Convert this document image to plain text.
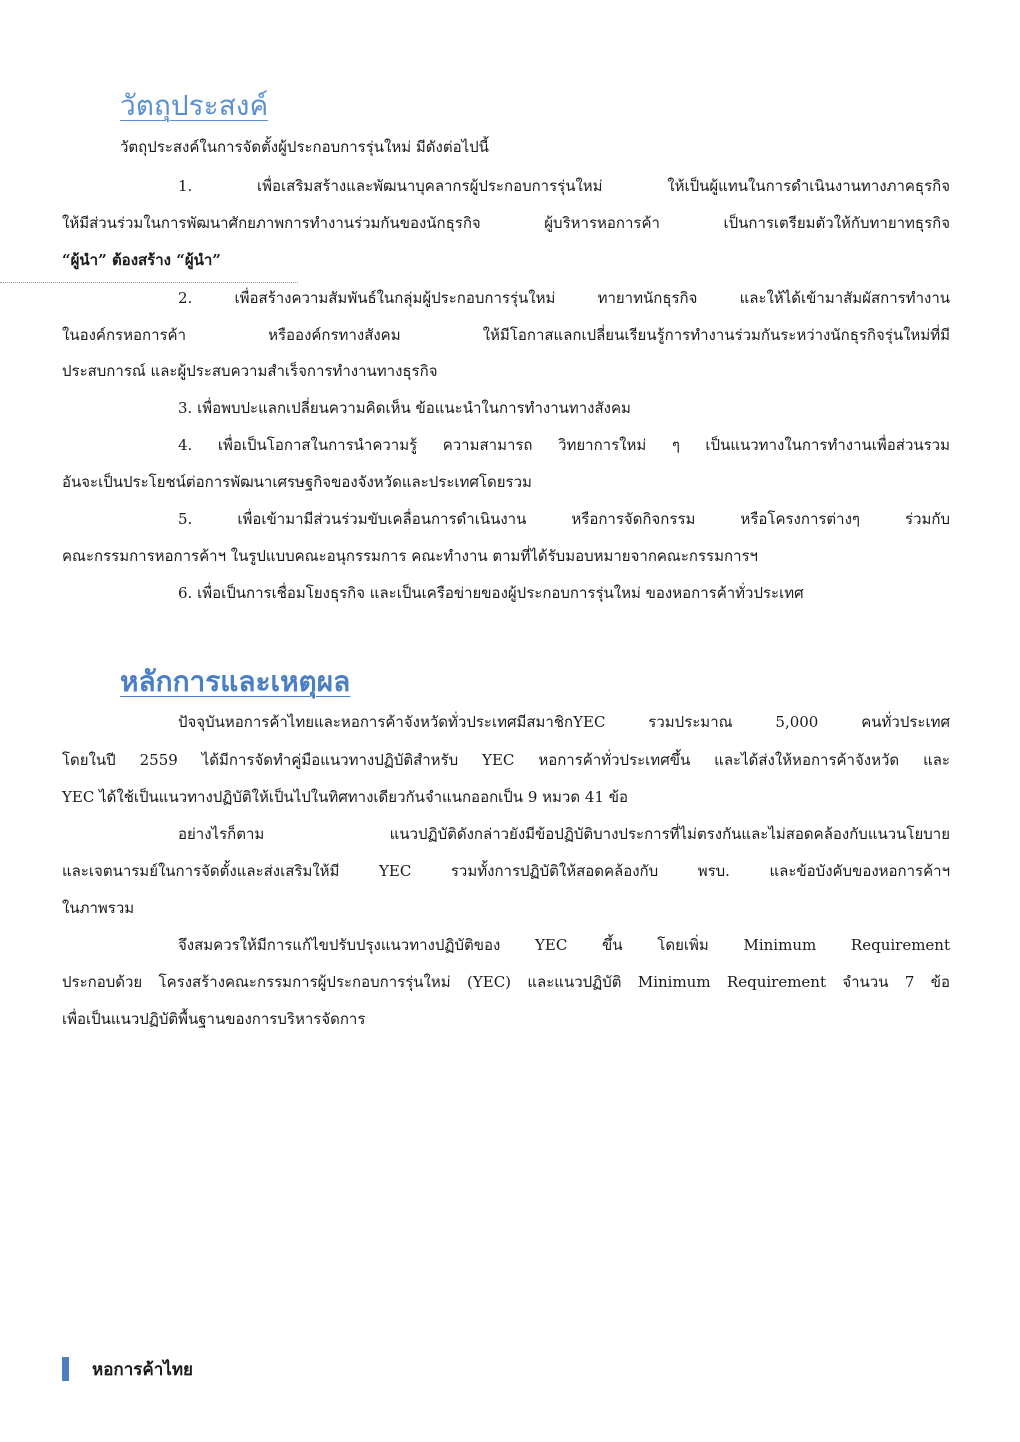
วัตถุประสงค์
วัตถุประสงค์ในการจัดตั้งผู้ประกอบการรุ่นใหม่ มีดังต่อไปนี้
1. เพื่อเสริมสร้างและพัฒนาบุคลากรผู้ประกอบการรุ่นใหม่ ให้เป็นผู้แทนในการดำเนินงานทางภาคธุรกิจ
ให้มีส่วนร่วมในการพัฒนาศักยภาพการทำงานร่วมกันของนักธุรกิจ ผู้บริหารหอการค้า เป็นการเตรียมตัวให้กับทายาทธุรกิจ
“ผู้นำ” ต้องสร้าง “ผู้นำ”
2. เพื่อสร้างความสัมพันธ์ในกลุ่มผู้ประกอบการรุ่นใหม่ ทายาทนักธุรกิจ และให้ได้เข้ามาสัมผัสการทำงาน
ในองค์กรหอการค้า หรือองค์กรทางสังคม ให้มีโอกาสแลกเปลี่ยนเรียนรู้การทำงานร่วมกันระหว่างนักธุรกิจรุ่นใหม่ที่มี
ประสบการณ์ และผู้ประสบความสำเร็จการทำงานทางธุรกิจ
3. เพื่อพบปะแลกเปลี่ยนความคิดเห็น ข้อแนะนำในการทำงานทางสังคม
4. เพื่อเป็นโอกาสในการนำความรู้ ความสามารถ วิทยาการใหม่ ๆ เป็นแนวทางในการทำงานเพื่อส่วนรวม
อันจะเป็นประโยชน์ต่อการพัฒนาเศรษฐกิจของจังหวัดและประเทศโดยรวม
5. เพื่อเข้ามามีส่วนร่วมขับเคลื่อนการดำเนินงาน หรือการจัดกิจกรรม หรือโครงการต่างๆ ร่วมกับ
คณะกรรมการหอการค้าฯ ในรูปแบบคณะอนุกรรมการ คณะทำงาน ตามที่ได้รับมอบหมายจากคณะกรรมการฯ
6. เพื่อเป็นการเชื่อมโยงธุรกิจ และเป็นเครือข่ายของผู้ประกอบการรุ่นใหม่ ของหอการค้าทั่วประเทศ
หลักการและเหตุผล
ปัจจุบันหอการค้าไทยและหอการค้าจังหวัดทั่วประเทศมีสมาชิกYEC รวมประมาณ 5,000 คนทั่วประเทศ
โดยในปี 2559 ได้มีการจัดทำคู่มือแนวทางปฏิบัติสำหรับ YEC หอการค้าทั่วประเทศขึ้น และได้ส่งให้หอการค้าจังหวัด และ
YEC ได้ใช้เป็นแนวทางปฏิบัติให้เป็นไปในทิศทางเดียวกันจำแนกออกเป็น 9 หมวด 41 ข้อ
อย่างไรก็ตาม แนวปฏิบัติดังกล่าวยังมีข้อปฏิบัติบางประการที่ไม่ตรงกันและไม่สอดคล้องกับแนวนโยบาย
และเจตนารมย์ในการจัดตั้งและส่งเสริมให้มี YEC รวมทั้งการปฏิบัติให้สอดคล้องกับ พรบ. และข้อบังคับของหอการค้าฯ
ในภาพรวม
จึงสมควรให้มีการแก้ไขปรับปรุงแนวทางปฏิบัติของ YEC ขึ้น โดยเพิ่ม Minimum Requirement
ประกอบด้วย โครงสร้างคณะกรรมการผู้ประกอบการรุ่นใหม่ (YEC) และแนวปฏิบัติ Minimum Requirement จำนวน 7 ข้อ
เพื่อเป็นแนวปฏิบัติพื้นฐานของการบริหารจัดการ
หอการค้าไทย
